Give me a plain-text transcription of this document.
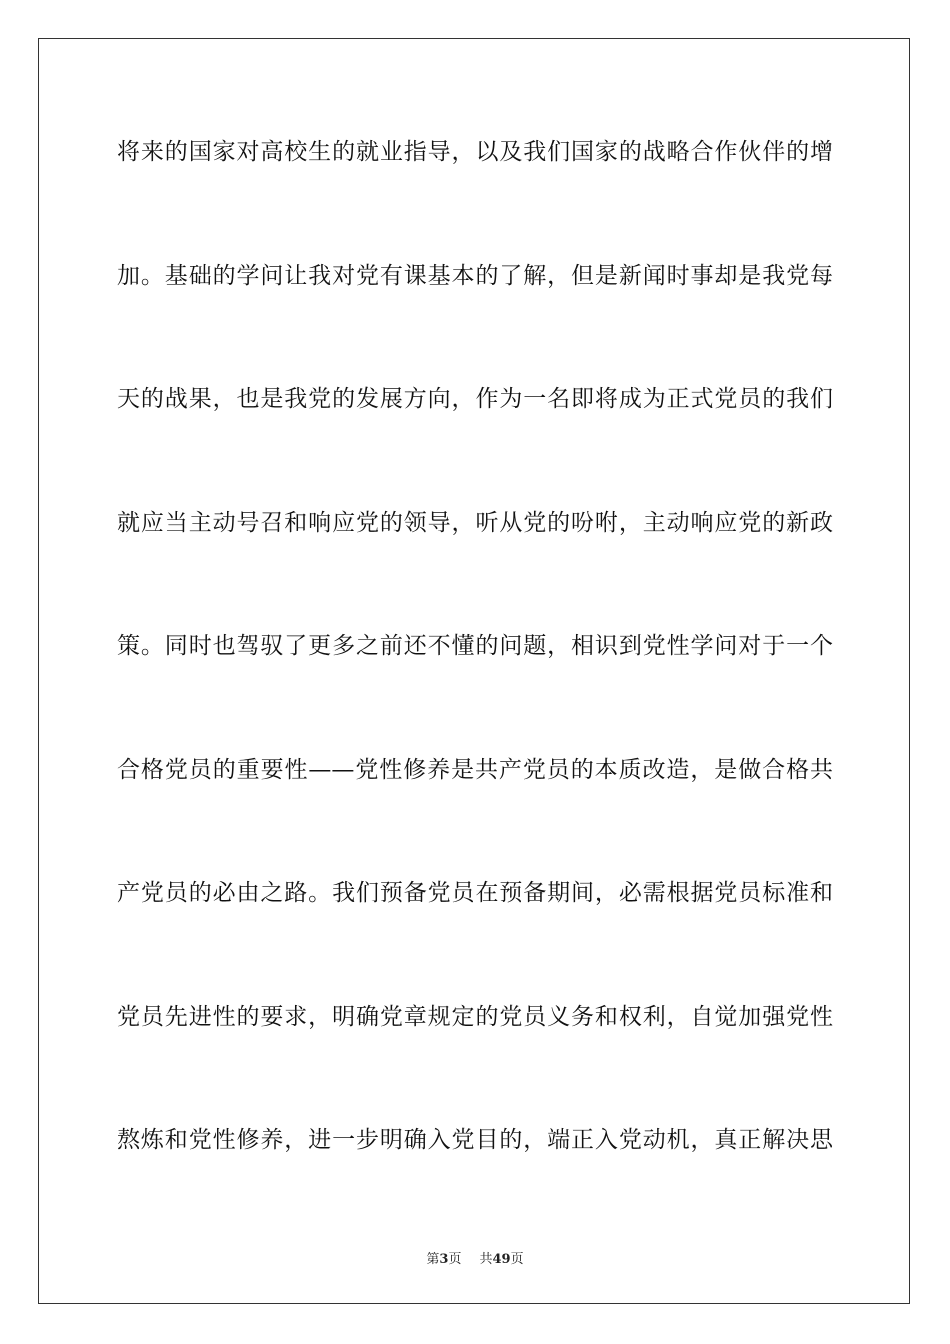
将来的国家对高校生的就业指导，以及我们国家的战略合作伙伴的增
加。基础的学问让我对党有课基本的了解，但是新闻时事却是我党每
天的战果，也是我党的发展方向，作为一名即将成为正式党员的我们
就应当主动号召和响应党的领导，听从党的吩咐，主动响应党的新政
策。同时也驾驭了更多之前还不懂的问题，相识到党性学问对于一个
合格党员的重要性——党性修养是共产党员的本质改造，是做合格共
产党员的必由之路。我们预备党员在预备期间，必需根据党员标准和
党员先进性的要求，明确党章规定的党员义务和权利，自觉加强党性
熬炼和党性修养，进一步明确入党目的，端正入党动机，真正解决思
第3页 共49页
